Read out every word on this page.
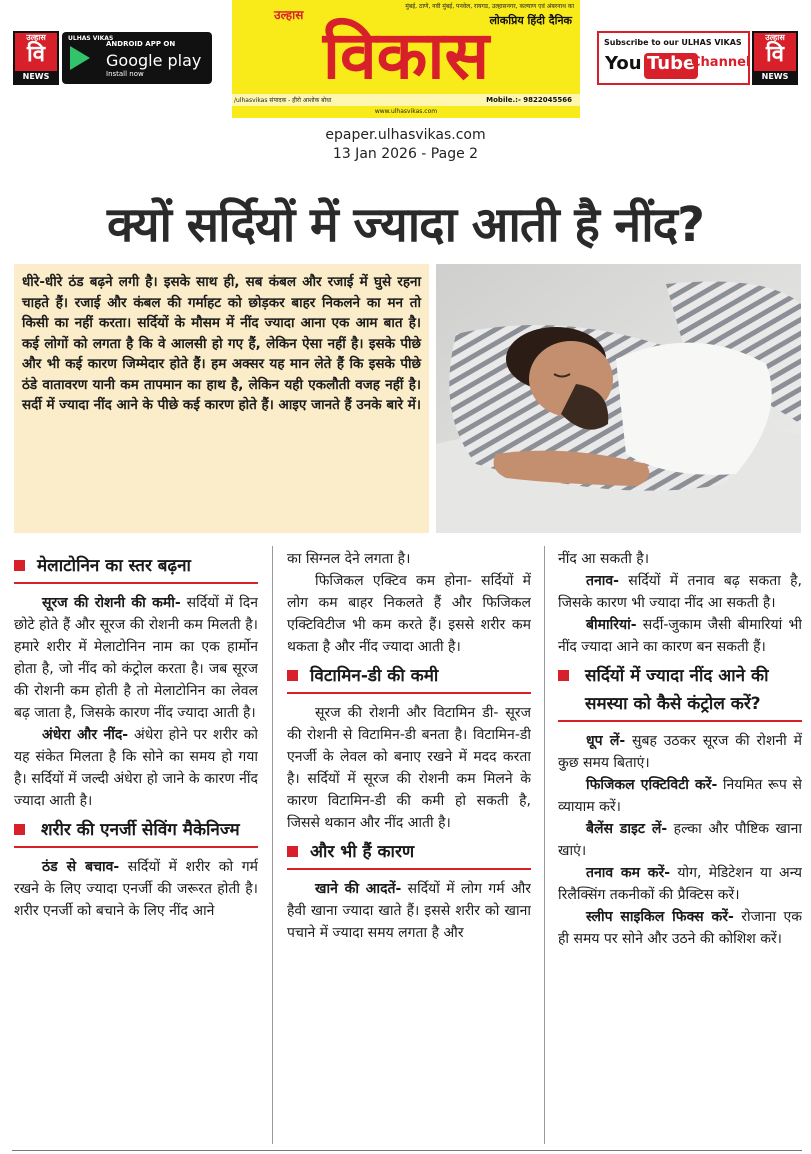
उल्हास
वि
NEWS
ULHAS VIKAS
ANDROID APP ON
Google play
Install now
मुंबई, ठाणे, नवी मुंबई, पनवेल, रायगड, उल्हासनगर, कल्याण एवं अंबरनाथ का
उल्हास	लोकप्रिय हिंदी दैनिक
विकास
/ulhasvikas संपादक - हीरो आशोक बोधा	Mobile.:- 9822045566
www.ulhasvikas.com
Subscribe to our ULHAS VIKAS
You Tube
Channel
उल्हास
वि
NEWS
epaper.ulhasvikas.com
13 Jan 2026 - Page 2
क्यों सर्दियों में ज्यादा आती है नींद?
धीरे-धीरे ठंड बढ़ने लगी है। इसके साथ ही, सब कंबल और रजाई में घुसे रहना चाहते हैं। रजाई और कंबल की गर्माहट को छोड़कर बाहर निकलने का मन तो किसी का नहीं करता। सर्दियों के मौसम में नींद ज्यादा आना एक आम बात है। कई लोगों को लगता है कि वे आलसी हो गए हैं, लेकिन ऐसा नहीं है। इसके पीछे और भी कई कारण जिम्मेदार होते हैं। हम अक्सर यह मान लेते हैं कि इसके पीछे ठंडे वातावरण यानी कम तापमान का हाथ है, लेकिन यही एकलौती वजह नहीं है। सर्दी में ज्यादा नींद आने के पीछे कई कारण होते हैं। आइए जानते हैं उनके बारे में।
मेलाटोनिन का स्तर बढ़ना

सूरज की रोशनी की कमी- सर्दियों में दिन छोटे होते हैं और सूरज की रोशनी कम मिलती है। हमारे शरीर में मेलाटोनिन नाम का एक हार्मोन होता है, जो नींद को कंट्रोल करता है। जब सूरज की रोशनी कम होती है तो मेलाटोनिन का लेवल बढ़ जाता है, जिसके कारण नींद ज्यादा आती है।

अंधेरा और नींद- अंधेरा होने पर शरीर को यह संकेत मिलता है कि सोने का समय हो गया है। सर्दियों में जल्दी अंधेरा हो जाने के कारण नींद ज्यादा आती है।

शरीर की एनर्जी सेविंग मैकेनिज्म

ठंड से बचाव- सर्दियों में शरीर को गर्म रखने के लिए ज्यादा एनर्जी की जरूरत होती है। शरीर एनर्जी को बचाने के लिए नींद आने

का सिग्नल देने लगता है।

फिजिकल एक्टिव कम होना- सर्दियों में लोग कम बाहर निकलते हैं और फिजिकल एक्टिविटीज भी कम करते हैं। इससे शरीर कम थकता है और नींद ज्यादा आती है।

विटामिन-डी की कमी

सूरज की रोशनी और विटामिन डी- सूरज की रोशनी से विटामिन-डी बनता है। विटामिन-डी एनर्जी के लेवल को बनाए रखने में मदद करता है। सर्दियों में सूरज की रोशनी कम मिलने के कारण विटामिन-डी की कमी हो सकती है, जिससे थकान और नींद आती है।

और भी हैं कारण

खाने की आदतें- सर्दियों में लोग गर्म और हैवी खाना ज्यादा खाते हैं। इससे शरीर को खाना पचाने में ज्यादा समय लगता है और

नींद आ सकती है।

तनाव- सर्दियों में तनाव बढ़ सकता है, जिसके कारण भी ज्यादा नींद आ सकती है।

बीमारियां- सर्दी-जुकाम जैसी बीमारियां भी नींद ज्यादा आने का कारण बन सकती हैं।

सर्दियों में ज्यादा नींद आने की समस्या को कैसे कंट्रोल करें?

धूप लें- सुबह उठकर सूरज की रोशनी में कुछ समय बिताएं।

फिजिकल एक्टिविटी करें- नियमित रूप से व्यायाम करें।

बैलेंस डाइट लें- हल्का और पौष्टिक खाना खाएं।

तनाव कम करें- योग, मेडिटेशन या अन्य रिलैक्सिंग तकनीकों की प्रैक्टिस करें।

स्लीप साइकिल फिक्स करें- रोजाना एक ही समय पर सोने और उठने की कोशिश करें।
